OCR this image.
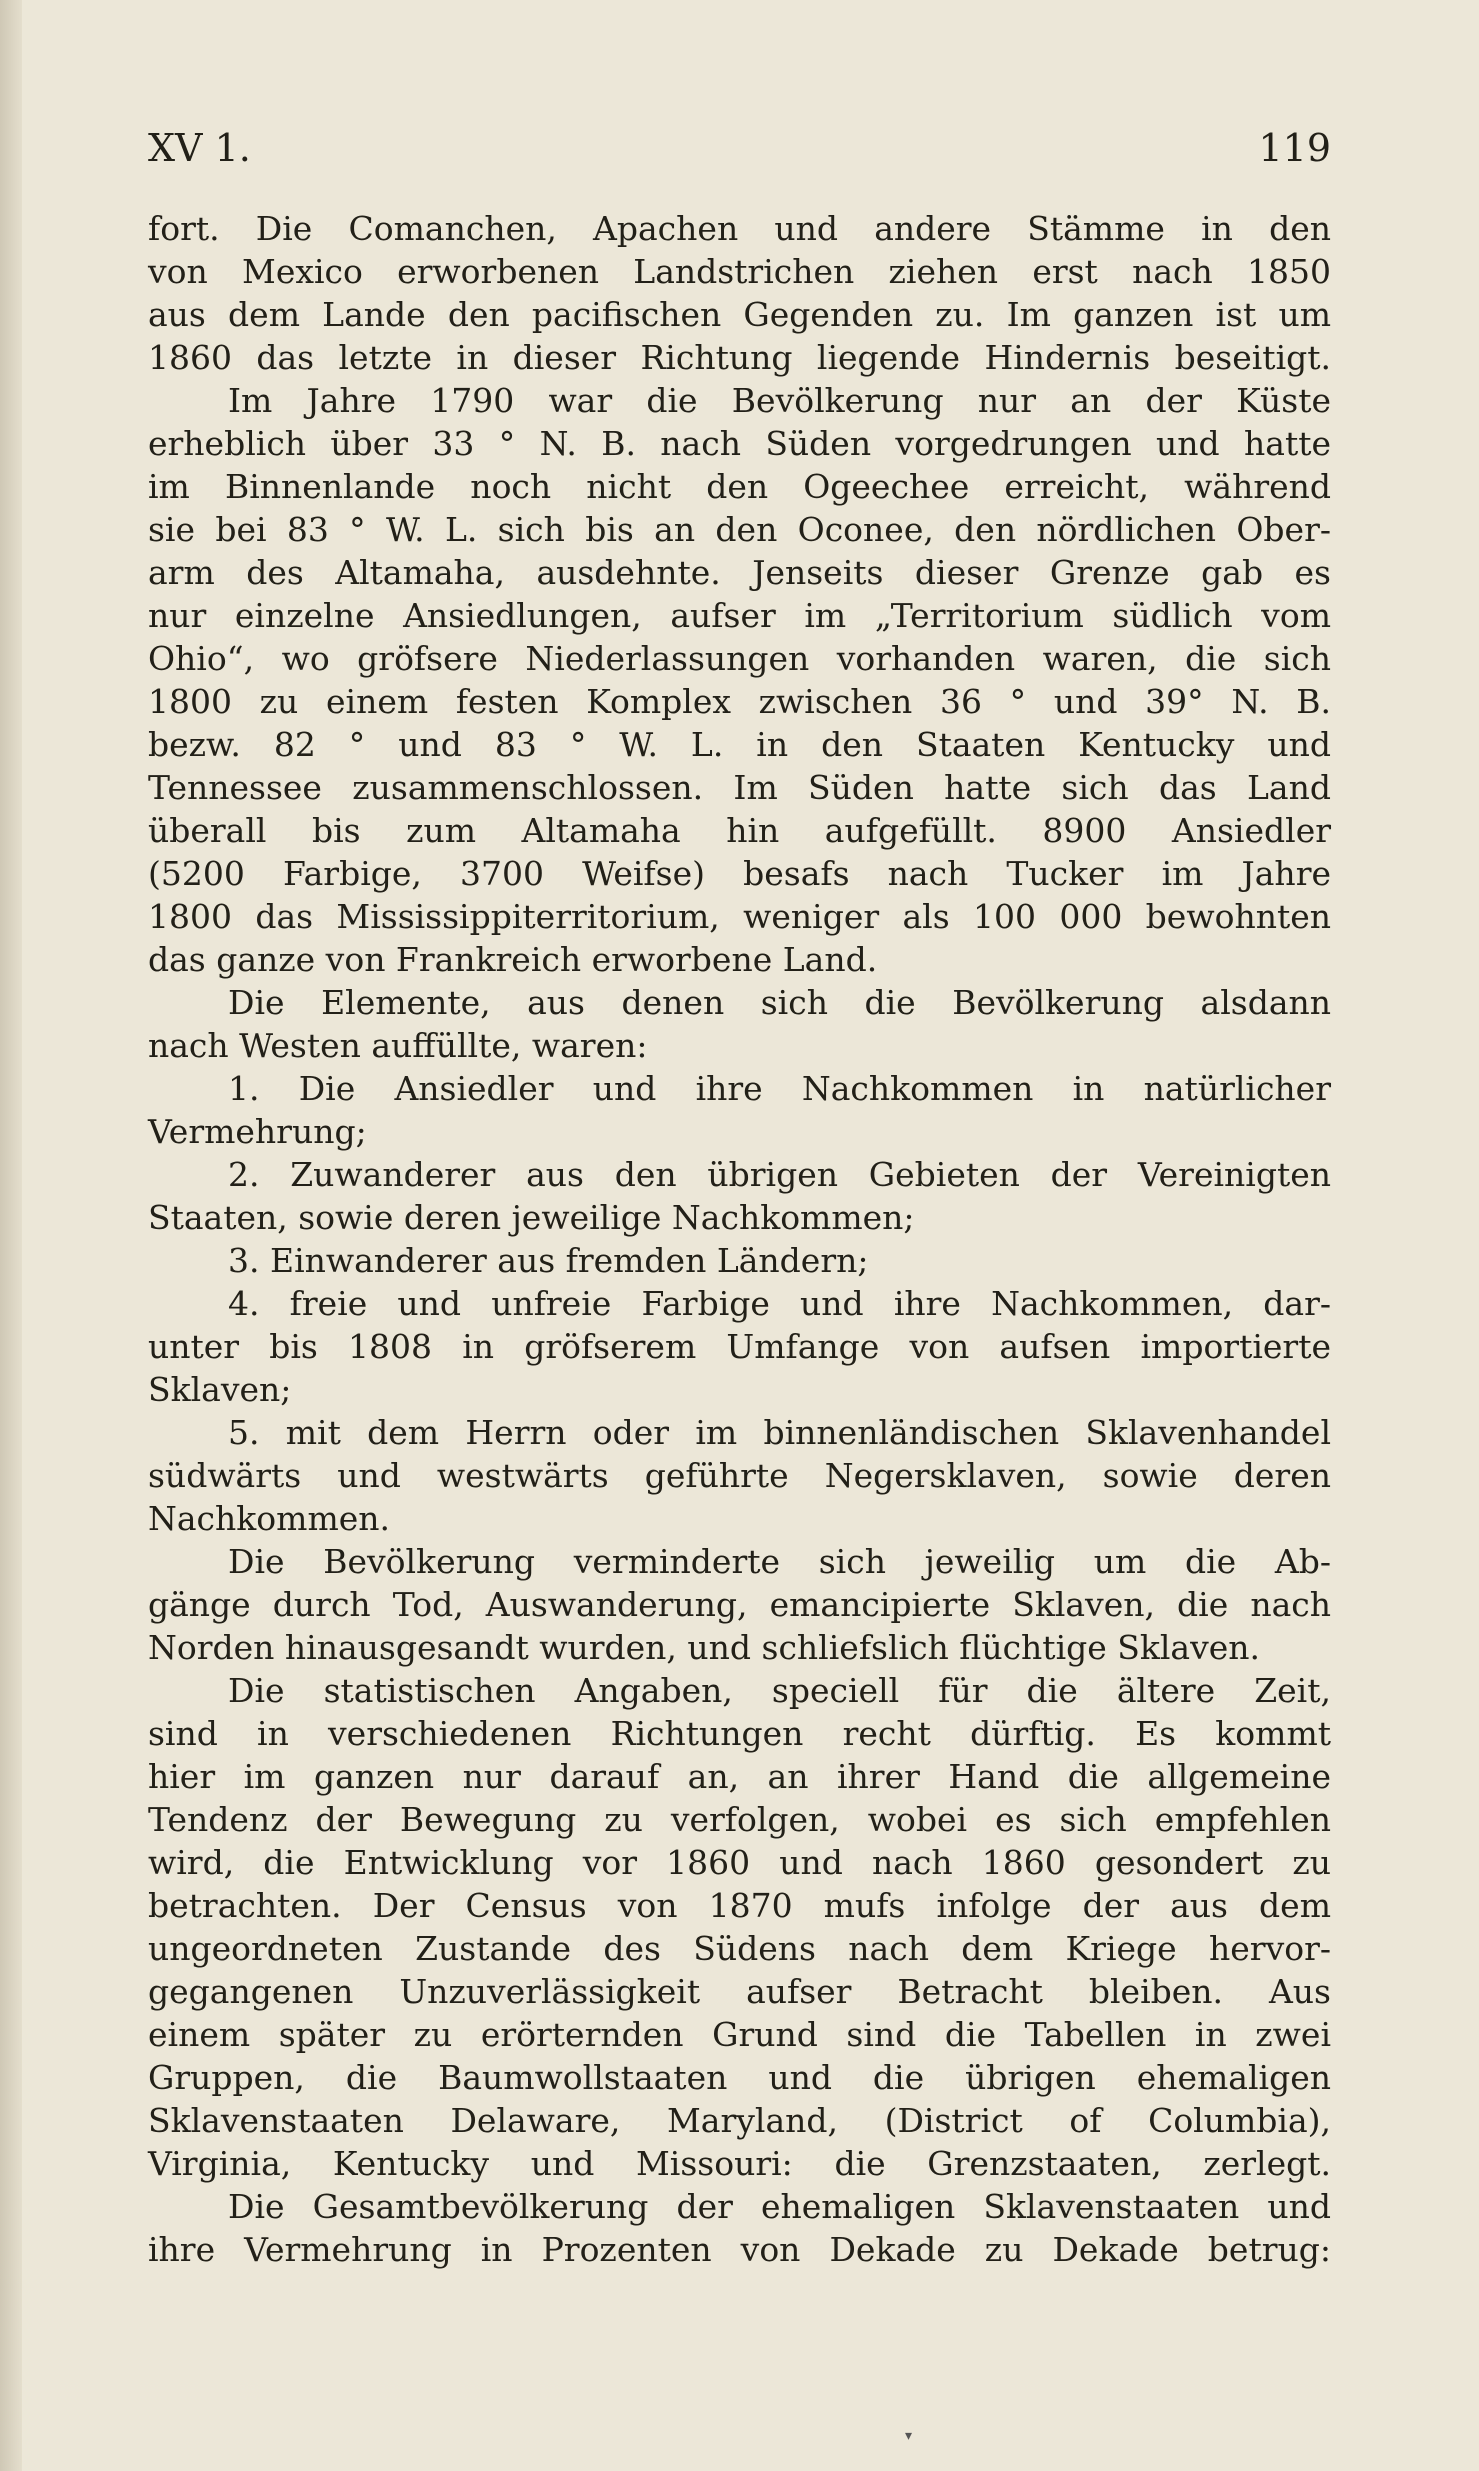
XV 1.	119
fort. Die Comanchen, Apachen und andere Stämme in den
von Mexico erworbenen Landstrichen ziehen erst nach 1850
aus dem Lande den pacifischen Gegenden zu. Im ganzen ist um
1860 das letzte in dieser Richtung liegende Hindernis beseitigt.
Im Jahre 1790 war die Bevölkerung nur an der Küste
erheblich über 33 ° N. B. nach Süden vorgedrungen und hatte
im Binnenlande noch nicht den Ogeechee erreicht, während
sie bei 83 ° W. L. sich bis an den Oconee, den nördlichen Ober-
arm des Altamaha, ausdehnte. Jenseits dieser Grenze gab es
nur einzelne Ansiedlungen, aufser im „Territorium südlich vom
Ohio“, wo gröfsere Niederlassungen vorhanden waren, die sich
1800 zu einem festen Komplex zwischen 36 ° und 39° N. B.
bezw. 82 ° und 83 ° W. L. in den Staaten Kentucky und
Tennessee zusammenschlossen. Im Süden hatte sich das Land
überall bis zum Altamaha hin aufgefüllt. 8900 Ansiedler
(5200 Farbige, 3700 Weifse) besafs nach Tucker im Jahre
1800 das Mississippiterritorium, weniger als 100 000 bewohnten
das ganze von Frankreich erworbene Land.
Die Elemente, aus denen sich die Bevölkerung alsdann
nach Westen auffüllte, waren:
1. Die Ansiedler und ihre Nachkommen in natürlicher
Vermehrung;
2. Zuwanderer aus den übrigen Gebieten der Vereinigten
Staaten, sowie deren jeweilige Nachkommen;
3. Einwanderer aus fremden Ländern;
4. freie und unfreie Farbige und ihre Nachkommen, dar-
unter bis 1808 in gröfserem Umfange von aufsen importierte
Sklaven;
5. mit dem Herrn oder im binnenländischen Sklavenhandel
südwärts und westwärts geführte Negersklaven, sowie deren
Nachkommen.
Die Bevölkerung verminderte sich jeweilig um die Ab-
gänge durch Tod, Auswanderung, emancipierte Sklaven, die nach
Norden hinausgesandt wurden, und schliefslich flüchtige Sklaven.
Die statistischen Angaben, speciell für die ältere Zeit,
sind in verschiedenen Richtungen recht dürftig. Es kommt
hier im ganzen nur darauf an, an ihrer Hand die allgemeine
Tendenz der Bewegung zu verfolgen, wobei es sich empfehlen
wird, die Entwicklung vor 1860 und nach 1860 gesondert zu
betrachten. Der Census von 1870 mufs infolge der aus dem
ungeordneten Zustande des Südens nach dem Kriege hervor-
gegangenen Unzuverlässigkeit aufser Betracht bleiben. Aus
einem später zu erörternden Grund sind die Tabellen in zwei
Gruppen, die Baumwollstaaten und die übrigen ehemaligen
Sklavenstaaten Delaware, Maryland, (District of Columbia),
Virginia, Kentucky und Missouri: die Grenzstaaten, zerlegt.
Die Gesamtbevölkerung der ehemaligen Sklavenstaaten und
ihre Vermehrung in Prozenten von Dekade zu Dekade betrug:
▾
